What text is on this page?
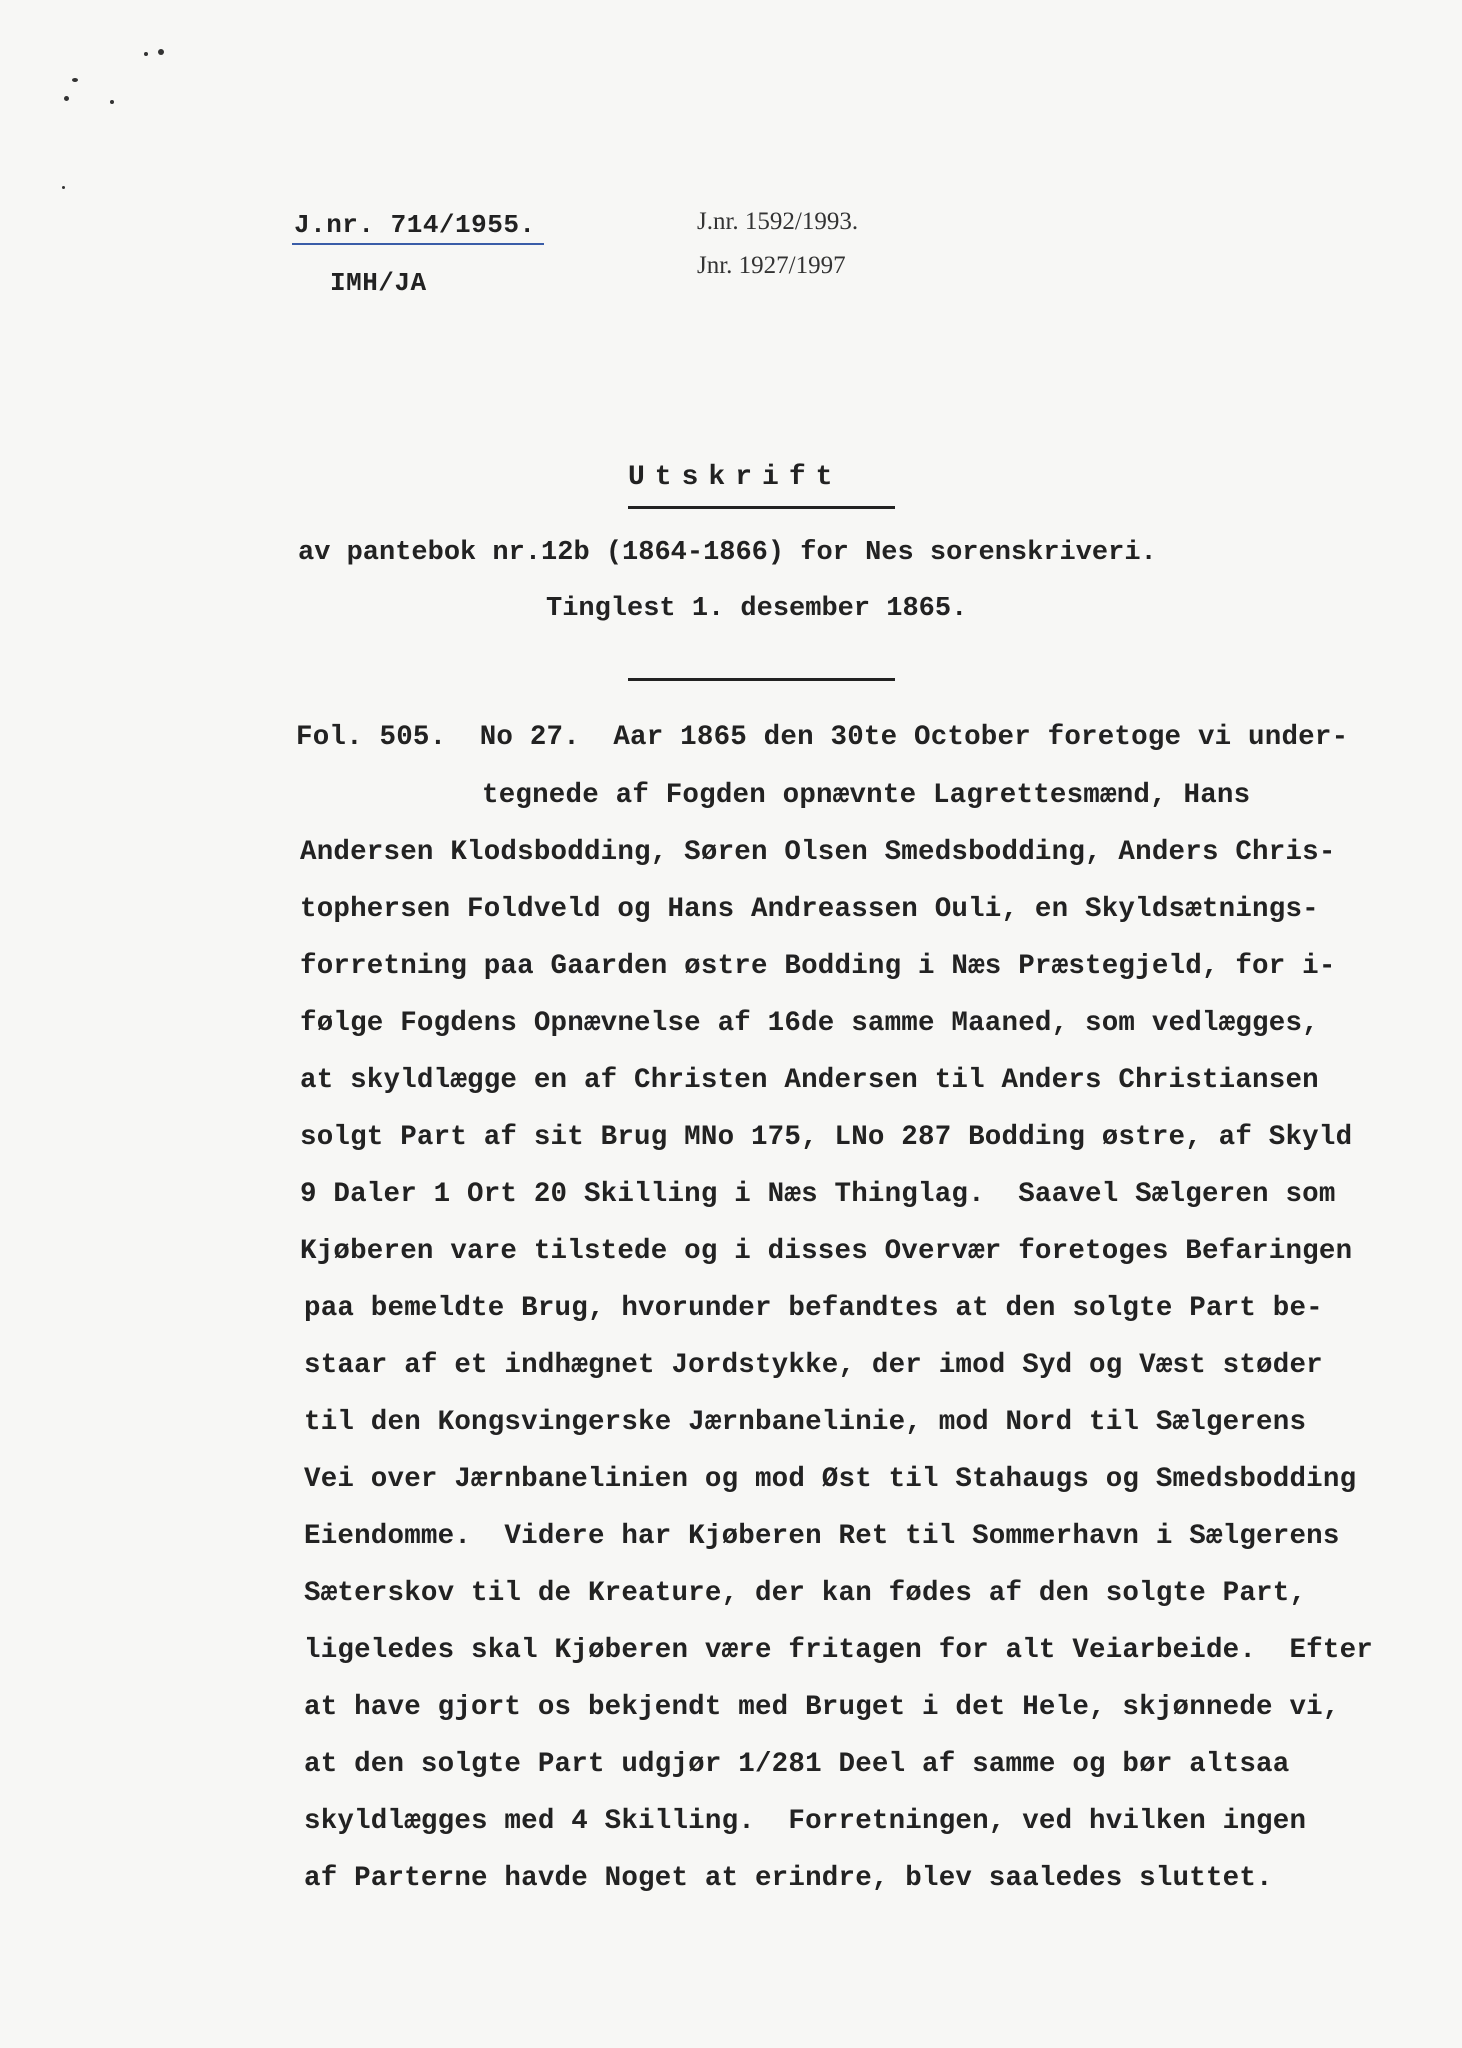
J.nr. 714/1955.
IMH/JA
J.nr. 1592/1993.
Jnr. 1927/1997
Utskrift
av pantebok nr.12b (1864-1866) for Nes sorenskriveri.
Tinglest 1. desember 1865.
Fol. 505.  No 27.  Aar 1865 den 30te October foretoge vi under-
tegnede af Fogden opnævnte Lagrettesmænd, Hans
Andersen Klodsbodding, Søren Olsen Smedsbodding, Anders Chris-
tophersen Foldveld og Hans Andreassen Ouli, en Skyldsætnings-
forretning paa Gaarden østre Bodding i Næs Præstegjeld, for i-
følge Fogdens Opnævnelse af 16de samme Maaned, som vedlægges,
at skyldlægge en af Christen Andersen til Anders Christiansen
solgt Part af sit Brug MNo 175, LNo 287 Bodding østre, af Skyld
9 Daler 1 Ort 20 Skilling i Næs Thinglag.  Saavel Sælgeren som
Kjøberen vare tilstede og i disses Overvær foretoges Befaringen
paa bemeldte Brug, hvorunder befandtes at den solgte Part be-
staar af et indhægnet Jordstykke, der imod Syd og Væst støder
til den Kongsvingerske Jærnbanelinie, mod Nord til Sælgerens
Vei over Jærnbanelinien og mod Øst til Stahaugs og Smedsbodding
Eiendomme.  Videre har Kjøberen Ret til Sommerhavn i Sælgerens
Sæterskov til de Kreature, der kan fødes af den solgte Part,
ligeledes skal Kjøberen være fritagen for alt Veiarbeide.  Efter
at have gjort os bekjendt med Bruget i det Hele, skjønnede vi,
at den solgte Part udgjør 1/281 Deel af samme og bør altsaa
skyldlægges med 4 Skilling.  Forretningen, ved hvilken ingen
af Parterne havde Noget at erindre, blev saaledes sluttet.
